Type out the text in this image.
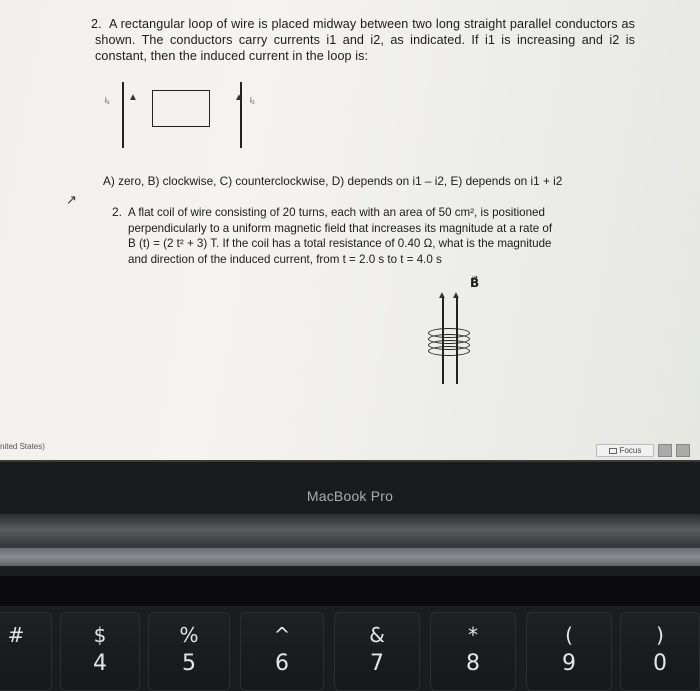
2. A rectangular loop of wire is placed midway between two long straight parallel conductors as shown. The conductors carry currents i1 and i2, as indicated. If i1 is increasing and i2 is constant, then the induced current in the loop is:
i₁ ▲	▲ i₂
A) zero, B) clockwise, C) counterclockwise, D) depends on i1 – i2, E) depends on i1 + i2
↗
2. A flat coil of wire consisting of 20 turns, each with an area of 50 cm², is positioned
perpendicularly to a uniform magnetic field that increases its magnitude at a rate of
B (t) = (2 t² + 3) T. If the coil has a total resistance of 0.40 Ω, what is the magnitude
and direction of the induced current, from t = 2.0 s to t = 4.0 s
B⃗
▲ ▲
nited States)	Focus
MacBook Pro
#	$
4
%
5
^
6
&
7
*
8
(
9
)
0
